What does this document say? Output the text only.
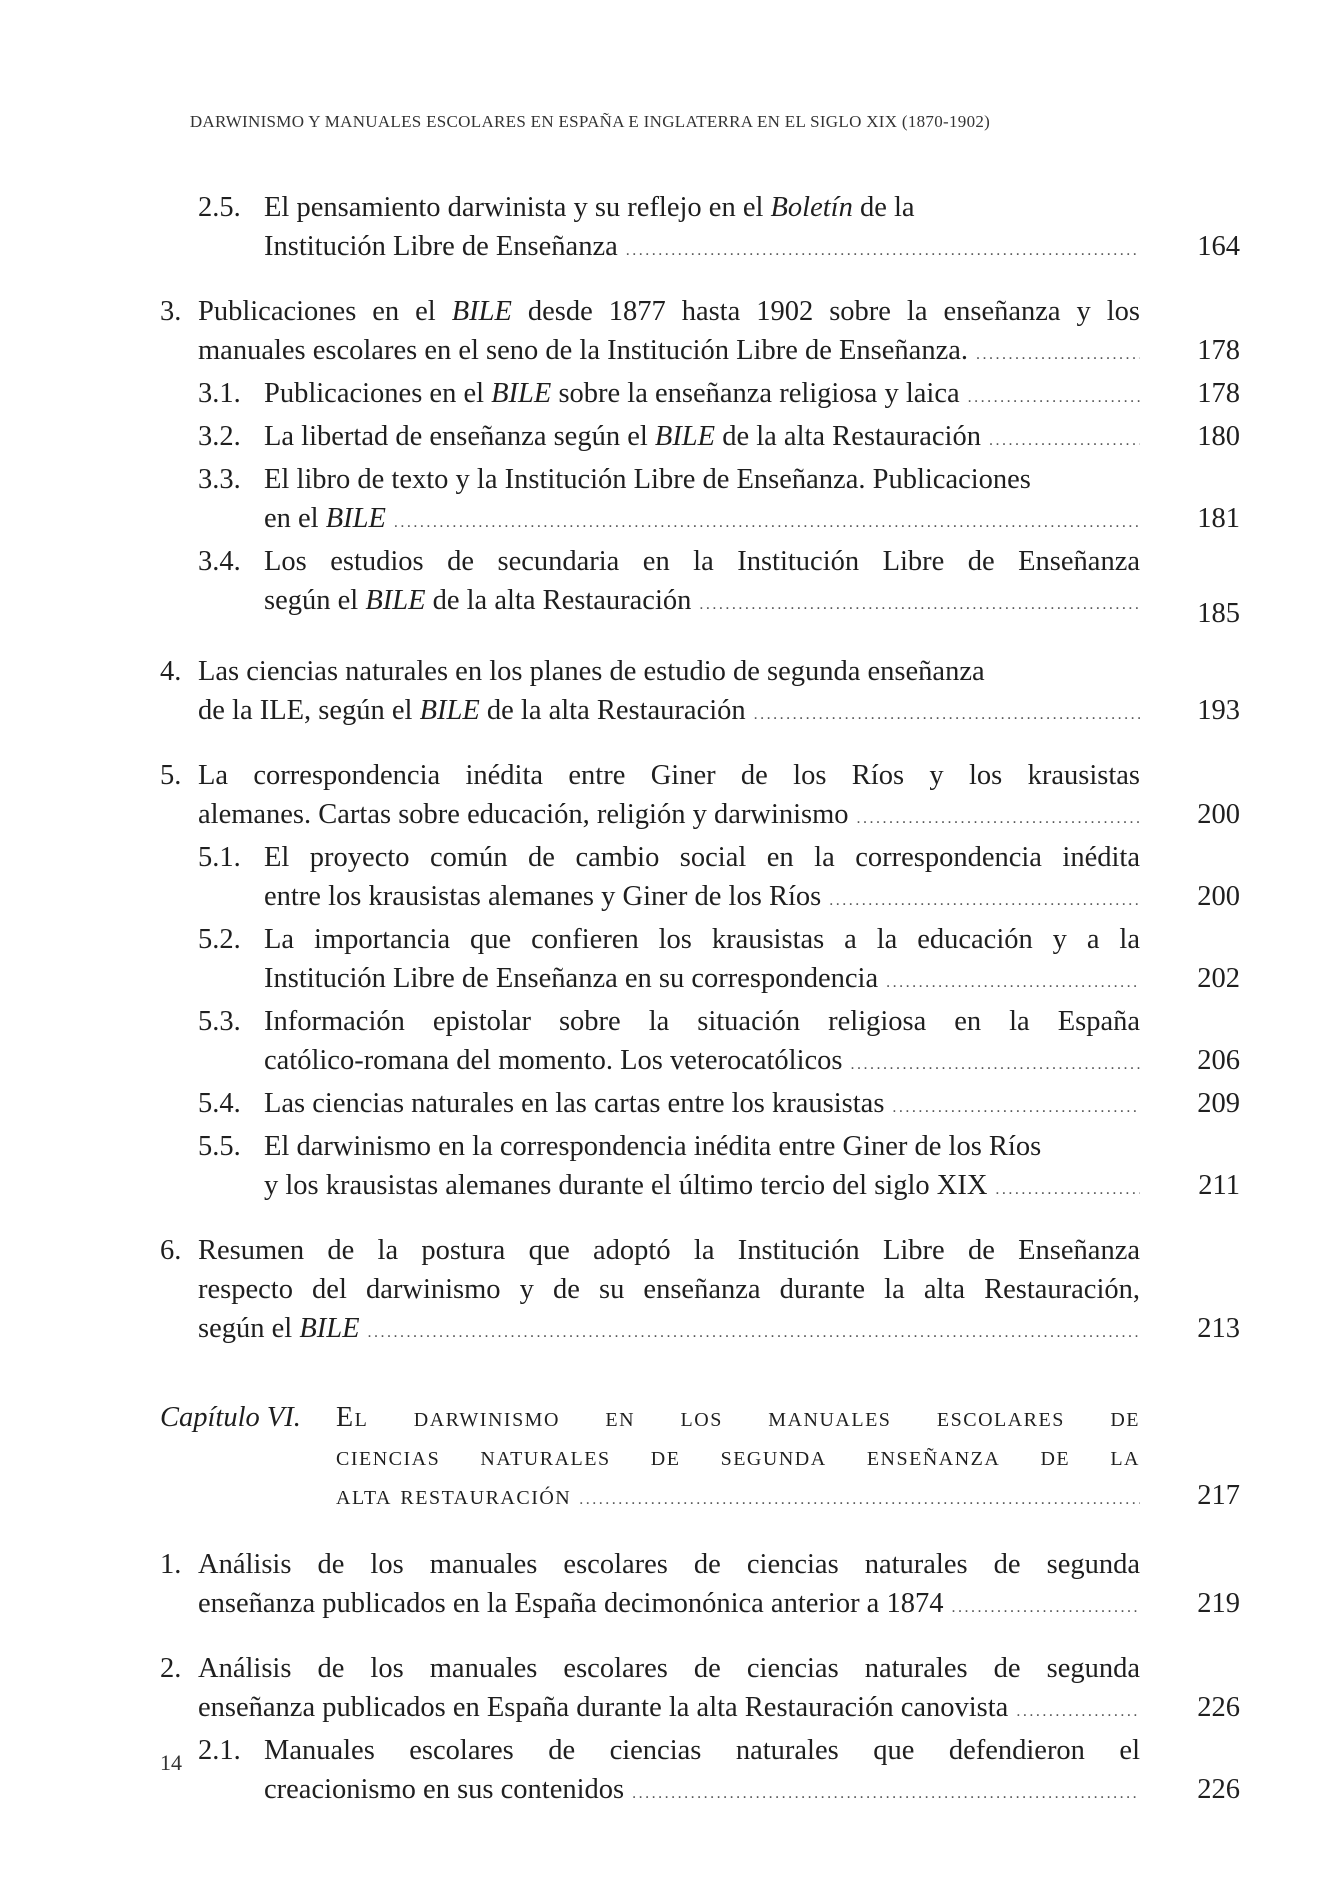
DARWINISMO Y MANUALES ESCOLARES EN ESPAÑA E INGLATERRA EN EL SIGLO XIX (1870-1902)
2.5. El pensamiento darwinista y su reflejo en el Boletín de la
Institución Libre de Enseñanza .....	164
3. Publicaciones en el BILE desde 1877 hasta 1902 sobre la enseñanza y los
manuales escolares en el seno de la Institución Libre de Enseñanza. .....	178
3.1. Publicaciones en el BILE sobre la enseñanza religiosa y laica .....	178
3.2. La libertad de enseñanza según el BILE de la alta Restauración .....	180
3.3. El libro de texto y la Institución Libre de Enseñanza. Publicaciones
en el BILE .....	181
3.4. Los estudios de secundaria en la Institución Libre de Enseñanza
según el BILE de la alta Restauración .....	185
4. Las ciencias naturales en los planes de estudio de segunda enseñanza
de la ILE, según el BILE de la alta Restauración .....	193
5. La correspondencia inédita entre Giner de los Ríos y los krausistas
alemanes. Cartas sobre educación, religión y darwinismo .....	200
5.1. El proyecto común de cambio social en la correspondencia inédita
entre los krausistas alemanes y Giner de los Ríos .....	200
5.2. La importancia que confieren los krausistas a la educación y a la
Institución Libre de Enseñanza en su correspondencia .....	202
5.3. Información epistolar sobre la situación religiosa en la España
católico-romana del momento. Los veterocatólicos .....	206
5.4. Las ciencias naturales en las cartas entre los krausistas .....	209
5.5. El darwinismo en la correspondencia inédita entre Giner de los Ríos
y los krausistas alemanes durante el último tercio del siglo XIX .....	211
6. Resumen de la postura que adoptó la Institución Libre de Enseñanza
respecto del darwinismo y de su enseñanza durante la alta Restauración,
según el BILE .....	213
Capítulo VI. El darwinismo en los manuales escolares de
ciencias naturales de segunda enseñanza de la
alta restauración .....	217
1. Análisis de los manuales escolares de ciencias naturales de segunda
enseñanza publicados en la España decimonónica anterior a 1874 .....	219
2. Análisis de los manuales escolares de ciencias naturales de segunda
enseñanza publicados en España durante la alta Restauración canovista .....	226
2.1. Manuales escolares de ciencias naturales que defendieron el
creacionismo en sus contenidos .....	226
14
